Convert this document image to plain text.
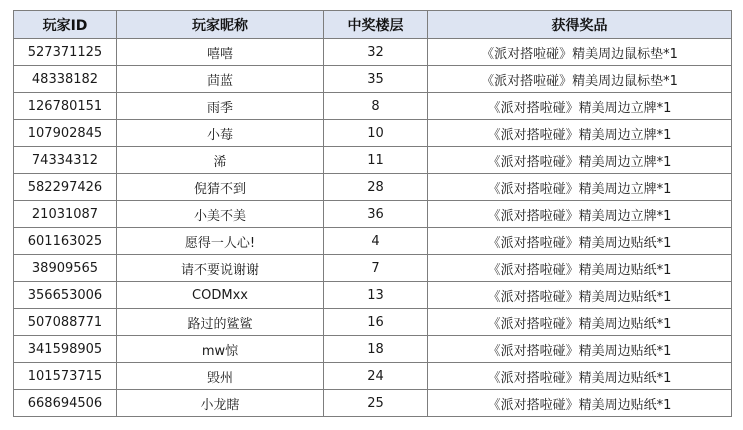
玩家ID	玩家昵称	中奖楼层	获得奖品
527371125	嘻嘻	32	《派对搭啦碰》精美周边鼠标垫*1
48338182	茴蓝	35	《派对搭啦碰》精美周边鼠标垫*1
126780151	雨季	8	《派对搭啦碰》精美周边立牌*1
107902845	小莓	10	《派对搭啦碰》精美周边立牌*1
74334312	浠	11	《派对搭啦碰》精美周边立牌*1
582297426	倪猜不到	28	《派对搭啦碰》精美周边立牌*1
21031087	小美不美	36	《派对搭啦碰》精美周边立牌*1
601163025	愿得一人心!	4	《派对搭啦碰》精美周边贴纸*1
38909565	请不要说谢谢	7	《派对搭啦碰》精美周边贴纸*1
356653006	CODMxx	13	《派对搭啦碰》精美周边贴纸*1
507088771	路过的鲨鲨	16	《派对搭啦碰》精美周边贴纸*1
341598905	mw惊	18	《派对搭啦碰》精美周边贴纸*1
101573715	毁州	24	《派对搭啦碰》精美周边贴纸*1
668694506	小龙瞎	25	《派对搭啦碰》精美周边贴纸*1
